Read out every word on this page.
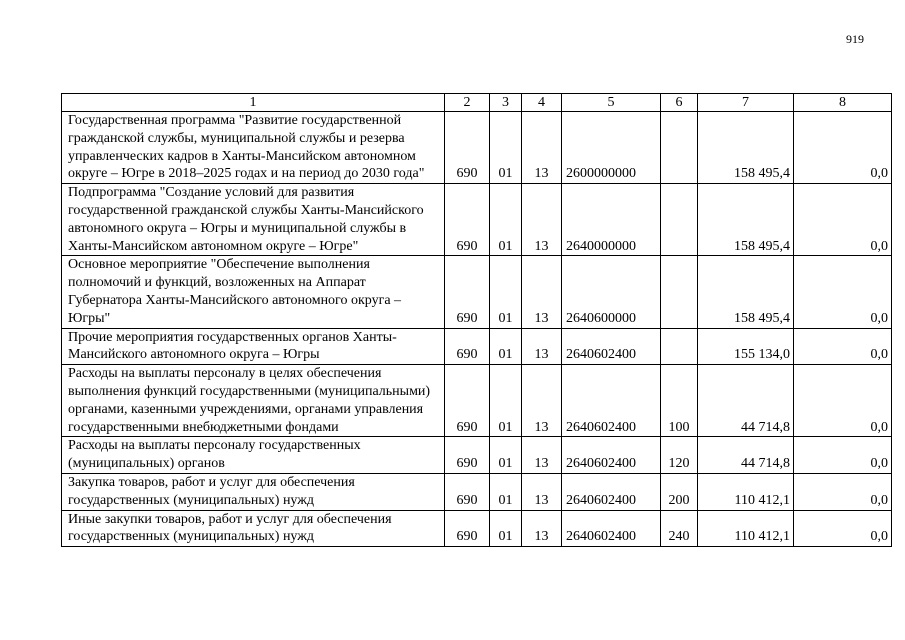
919
1	2	3	4	5	6	7	8
Государственная программа "Развитие государственной гражданской службы, муниципальной службы и резерва управленческих кадров в Ханты-Мансийском автономном округе – Югре в 2018–2025 годах и на период до 2030 года"	690	01	13	2600000000		158 495,4	0,0
Подпрограмма "Создание условий для развития государственной гражданской службы Ханты-Мансийского автономного округа – Югры и муниципальной службы в Ханты-Мансийском автономном округе – Югре"	690	01	13	2640000000		158 495,4	0,0
Основное мероприятие "Обеспечение выполнения полномочий и функций, возложенных на Аппарат Губернатора Ханты-Мансийского автономного округа – Югры"	690	01	13	2640600000		158 495,4	0,0
Прочие мероприятия государственных органов Ханты-Мансийского автономного округа – Югры	690	01	13	2640602400		155 134,0	0,0
Расходы на выплаты персоналу в целях обеспечения выполнения функций государственными (муниципальными) органами, казенными учреждениями, органами управления государственными внебюджетными фондами	690	01	13	2640602400	100	44 714,8	0,0
Расходы на выплаты персоналу государственных (муниципальных) органов	690	01	13	2640602400	120	44 714,8	0,0
Закупка товаров, работ и услуг для обеспечения государственных (муниципальных) нужд	690	01	13	2640602400	200	110 412,1	0,0
Иные закупки товаров, работ и услуг для обеспечения государственных (муниципальных) нужд	690	01	13	2640602400	240	110 412,1	0,0
